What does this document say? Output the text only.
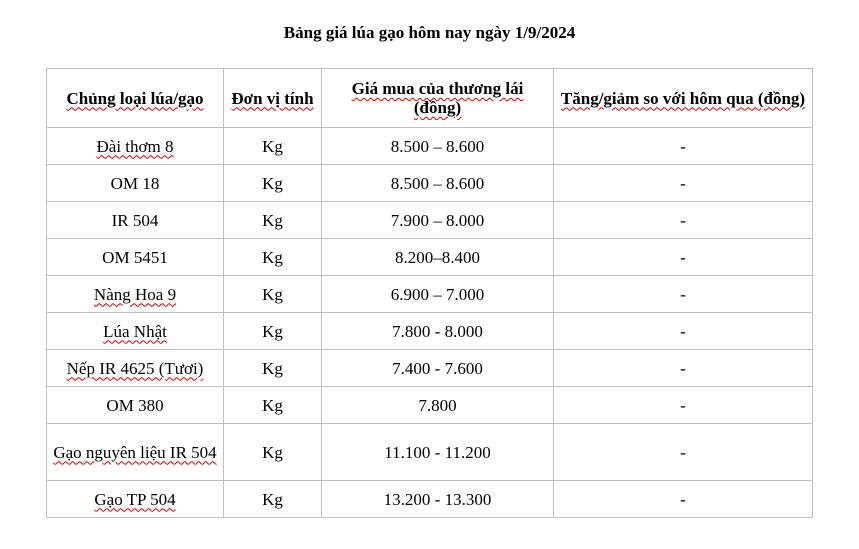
Bảng giá lúa gạo hôm nay ngày 1/9/2024
Chủng loại lúa/gạo	Đơn vị tính	Giá mua của thương lái (đồng)	Tăng/giảm so với hôm qua (đồng)
Đài thơm 8	Kg	8.500 – 8.600	-
OM 18	Kg	8.500 – 8.600	-
IR 504	Kg	7.900 – 8.000	-
OM 5451	Kg	8.200–8.400	-
Nàng Hoa 9	Kg	6.900 – 7.000	-
Lúa Nhật	Kg	7.800 - 8.000	-
Nếp IR 4625 (Tươi)	Kg	7.400 - 7.600	-
OM 380	Kg	7.800	-
Gạo nguyên liệu IR 504	Kg	11.100 - 11.200	-
Gạo TP 504	Kg	13.200 - 13.300	-
